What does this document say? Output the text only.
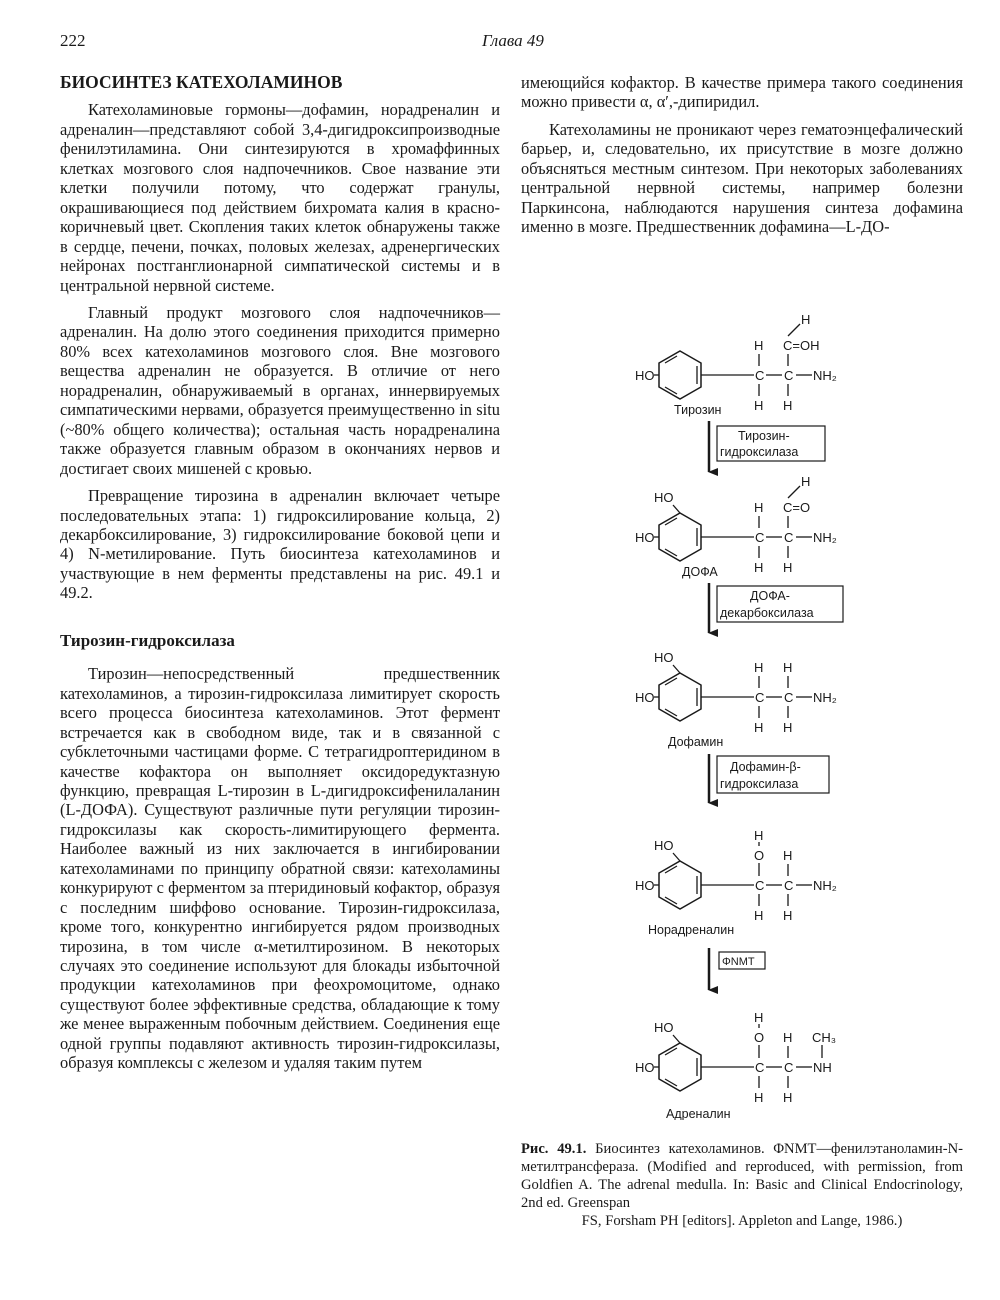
222	Глава 49
БИОСИНТЕЗ КАТЕХОЛАМИНОВ

Катехоламиновые гормоны—дофамин, норадреналин и адреналин—представляют собой 3,4-дигидроксипроизводные фенилэтиламина. Они синтезируются в хромаффинных клетках мозгового слоя надпочечников. Свое название эти клетки получили потому, что содержат гранулы, окрашивающиеся под действием бихромата калия в красно-коричневый цвет. Скопления таких клеток обнаружены также в сердце, печени, почках, половых железах, адренергических нейронах постганглионарной симпатической системы и в центральной нервной системе.

Главный продукт мозгового слоя надпочечников—адреналин. На долю этого соединения приходится примерно 80% всех катехоламинов мозгового слоя. Вне мозгового вещества адреналин не образуется. В отличие от него норадреналин, обнаруживаемый в органах, иннервируемых симпатическими нервами, образуется преимущественно in situ (~80% общего количества); остальная часть норадреналина также образуется главным образом в окончаниях нервов и достигает своих мишеней с кровью.

Превращение тирозина в адреналин включает четыре последовательных этапа: 1) гидроксилирование кольца, 2) декарбоксилирование, 3) гидроксилирование боковой цепи и 4) N-метилирование. Путь биосинтеза катехоламинов и участвующие в нем ферменты представлены на рис. 49.1 и 49.2.

Тирозин-гидроксилаза

Тирозин—непосредственный предшественник катехоламинов, а тирозин-гидроксилаза лимитирует скорость всего процесса биосинтеза катехоламинов. Этот фермент встречается как в свободном виде, так и в связанной с субклеточными частицами форме. С тетрагидроптеридином в качестве кофактора он выполняет оксидоредуктазную функцию, превращая L-тирозин в L-дигидроксифенилаланин (L-ДОФА). Существуют различные пути регуляции тирозин-гидроксилазы как скорость-лимитирующего фермента. Наиболее важный из них заключается в ингибировании катехоламинами по принципу обратной связи: катехоламины конкурируют с ферментом за птеридиновый кофактор, образуя с последним шиффово основание. Тирозин-гидроксилаза, кроме того, конкурентно ингибируется рядом производных тирозина, в том числе α-метилтирозином. В некоторых случаях это соединение используют для блокады избыточной продукции катехоламинов при феохромоцитоме, однако существуют более эффективные средства, обладающие к тому же менее выраженным побочным действием. Соединения еще одной группы подавляют активность тирозин-гидроксилазы, образуя комплексы с железом и удаляя таким путем

имеющийся кофактор. В качестве примера такого соединения можно привести α, α′,-дипиридил.

Катехоламины не проникают через гематоэнцефалический барьер, и, следовательно, их присутствие в мозге должно объясняться местным синтезом. При некоторых заболеваниях центральной нервной системы, например болезни Паркинсона, наблюдаются нарушения синтеза дофамина именно в мозге. Предшественник дофамина—L-ДО-

HO	C C NH₂
H
H
C=OH
H
H
Тирозин
Тирозин-
гидроксилаза
HO
HO
C C NH₂
H
H
C=O
H
H
ДОФА
ДОФА-
декарбоксилаза
HO
HO
C C NH₂
H
H
H
H
Дофамин
Дофамин-β-
гидроксилаза
HO
HO
C C NH₂
H
O
H
H
H
Норадреналин
ΦNMT
HO
HO
C C NH
CH₃
H
O
H
H
H
Адреналин
Рис. 49.1. Биосинтез катехоламинов. ΦNMT—фенилэтаноламин-N-метилтрансфераза. (Modified and reproduced, with permission, from Goldfien A. The adrenal medulla. In: Basic and Clinical Endocrinology, 2nd ed. Greenspan
FS, Forsham PH [editors]. Appleton and Lange, 1986.)
